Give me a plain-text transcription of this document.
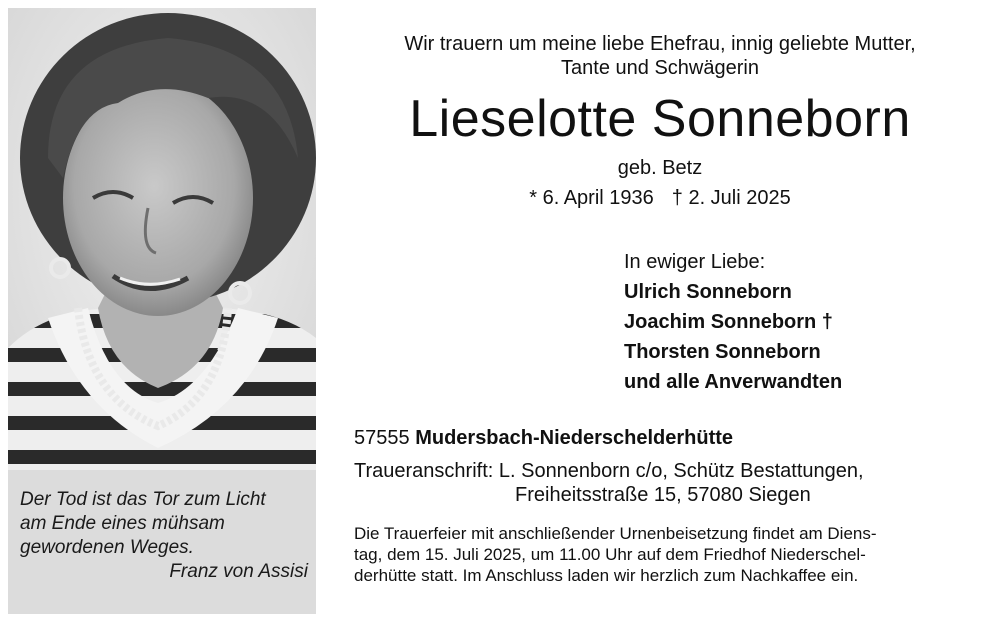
Der Tod ist das Tor zum Licht
am Ende eines mühsam
gewordenen Weges.
Franz von Assisi
Wir trauern um meine liebe Ehefrau, innig geliebte Mutter,
Tante und Schwägerin
Lieselotte Sonneborn
geb. Betz
* 6. April 1936 † 2. Juli 2025
In ewiger Liebe:
Ulrich Sonneborn
Joachim Sonneborn †
Thorsten Sonneborn
und alle Anverwandten
57555 Mudersbach-Niederschelderhütte
Traueranschrift: L. Sonnenborn c/o, Schütz Bestattungen,
Freiheitsstraße 15, 57080 Siegen
Die Trauerfeier mit anschließender Urnenbeisetzung findet am Diens-
tag, dem 15. Juli 2025, um 11.00 Uhr auf dem Friedhof Niederschel-
derhütte statt. Im Anschluss laden wir herzlich zum Nachkaffee ein.
